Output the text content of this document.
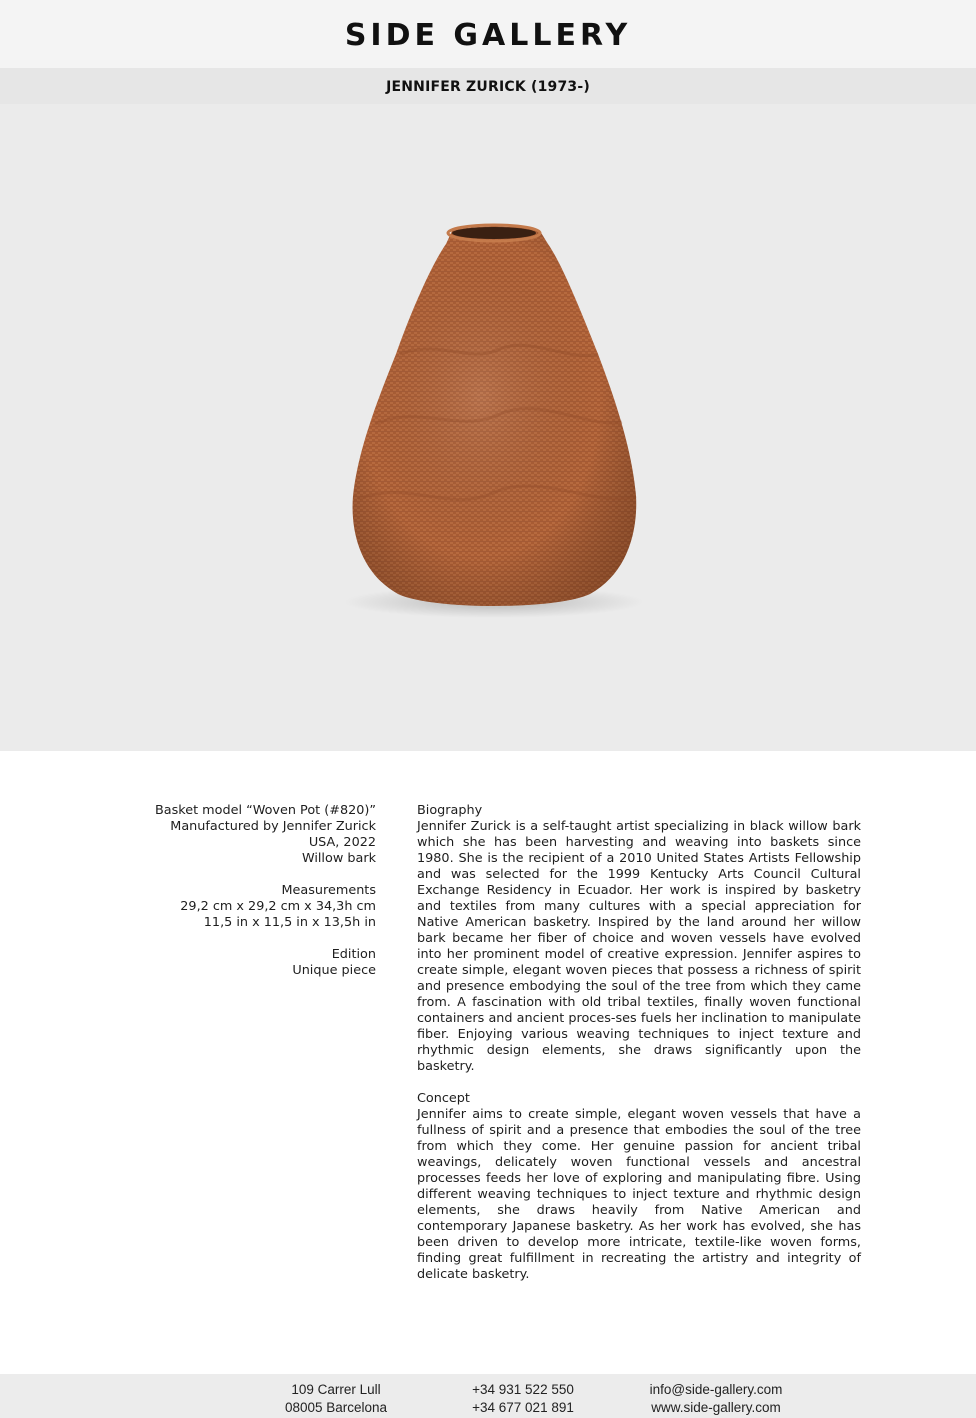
SIDE GALLERY
JENNIFER ZURICK (1973-)
Basket model “Woven Pot (#820)”
Manufactured by Jennifer Zurick
USA, 2022
Willow bark
Measurements
29,2 cm x 29,2 cm x 34,3h cm
11,5 in x 11,5 in x 13,5h in
Edition
Unique piece
Biography
Jennifer Zurick is a self-taught artist specializing in black willow bark which she has been harvesting and weaving into baskets since 1980. She is the recipient of a 2010 United States Artists Fellowship and was selected for the 1999 Kentucky Arts Council Cultural Exchange Residency in Ecuador. Her work is inspired by basketry and textiles from many cultures with a special appreciation for Native American basketry. Inspired by the land around her willow bark became her fiber of choice and woven vessels have evolved into her prominent model of creative expression. Jennifer aspires to create simple, elegant woven pieces that possess a richness of spirit and presence embodying the soul of the tree from which they came from. A fascination with old tribal textiles, finally woven functional containers and ancient proces-ses fuels her inclination to manipulate fiber. Enjoying various weaving techniques to inject texture and rhythmic design elements, she draws significantly upon the basketry.
Concept
Jennifer aims to create simple, elegant woven vessels that have a fullness of spirit and a presence that embodies the soul of the tree from which they come. Her genuine passion for ancient tribal weavings, delicately woven functional vessels and ancestral processes feeds her love of exploring and manipulating fibre. Using different weaving techniques to inject texture and rhythmic design elements, she draws heavily from Native American and contemporary Japanese basketry. As her work has evolved, she has been driven to develop more intricate, textile-like woven forms, finding great fulfillment in recreating the artistry and integrity of delicate basketry.
109 Carrer Lull
08005 Barcelona
+34 931 522 550
+34 677 021 891
info@side-gallery.com
www.side-gallery.com
